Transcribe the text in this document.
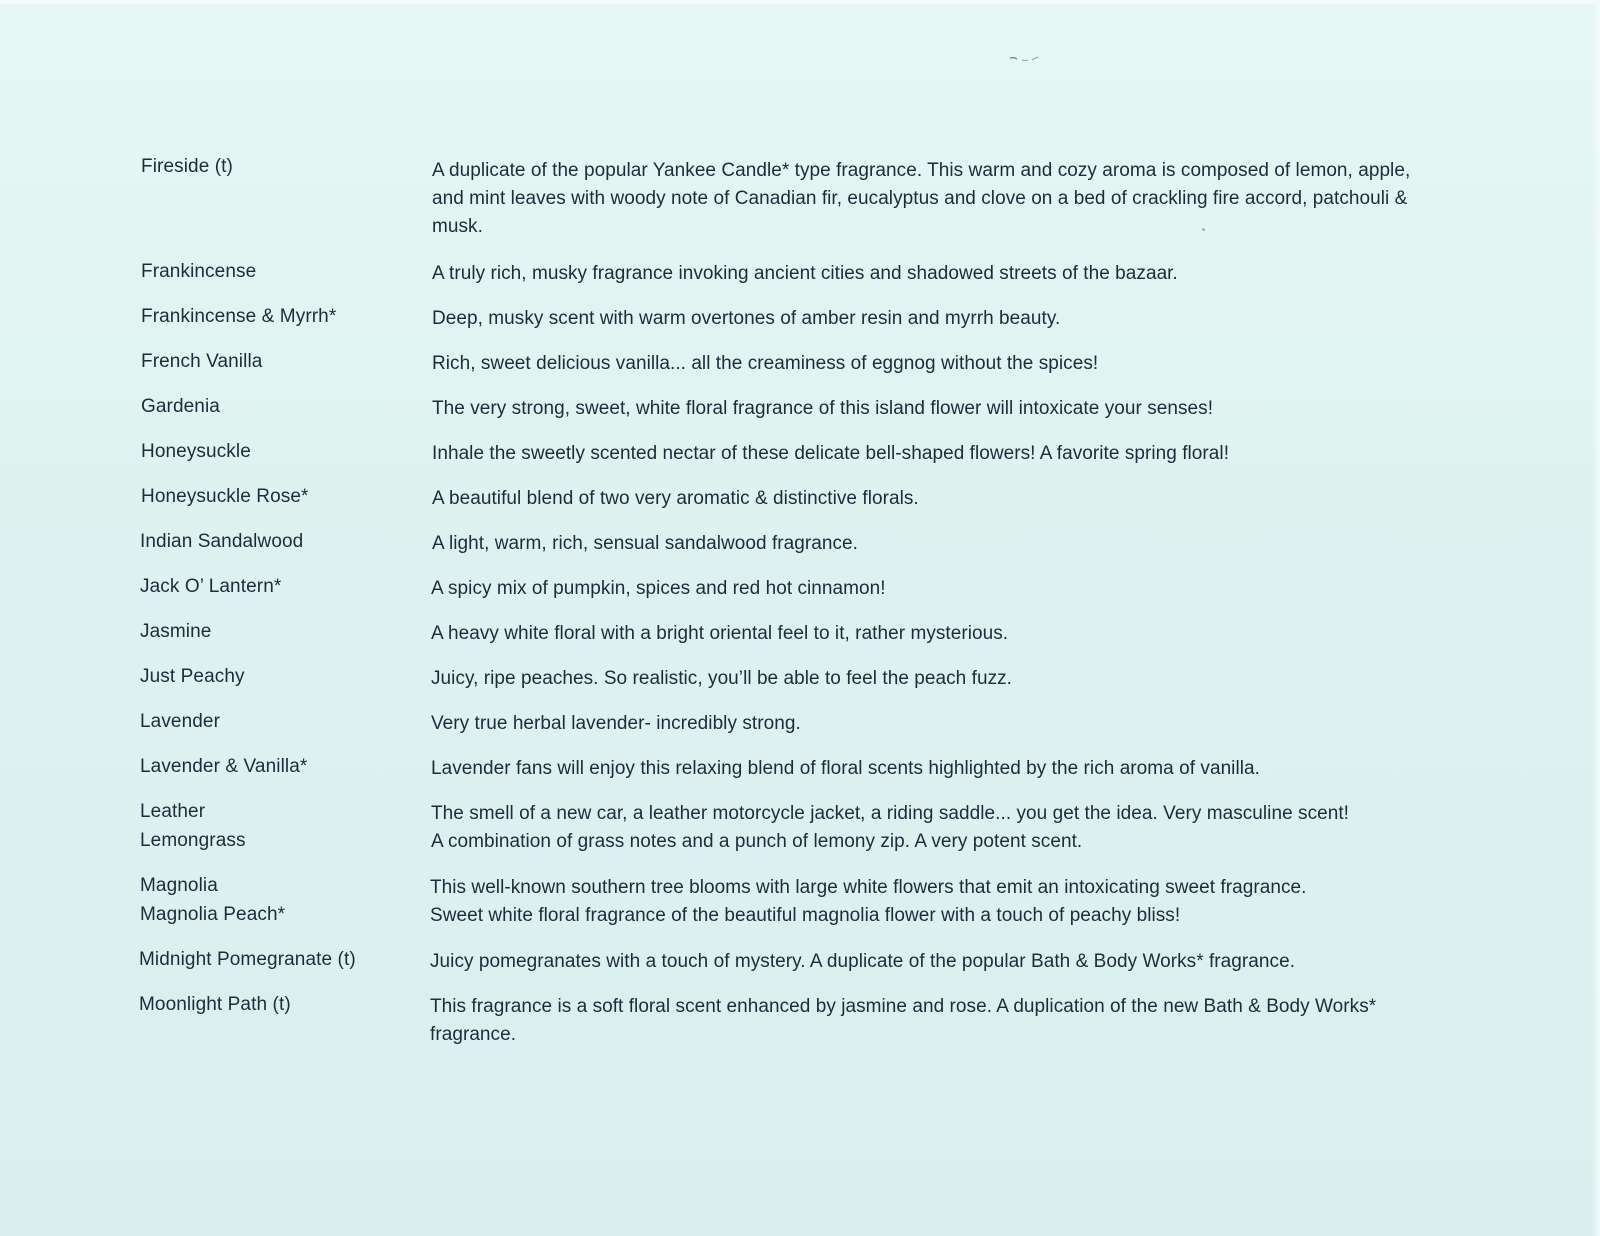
Fireside (t)	A duplicate of the popular Yankee Candle* type fragrance. This warm and cozy aroma is composed of lemon, apple, and mint leaves with woody note of Canadian fir, eucalyptus and clove on a bed of crackling fire accord, patchouli & musk.
Frankincense	A truly rich, musky fragrance invoking ancient cities and shadowed streets of the bazaar.
Frankincense & Myrrh*	Deep, musky scent with warm overtones of amber resin and myrrh beauty.
French Vanilla	Rich, sweet delicious vanilla... all the creaminess of eggnog without the spices!
Gardenia	The very strong, sweet, white floral fragrance of this island flower will intoxicate your senses!
Honeysuckle	Inhale the sweetly scented nectar of these delicate bell-shaped flowers! A favorite spring floral!
Honeysuckle Rose*	A beautiful blend of two very aromatic & distinctive florals.
Indian Sandalwood	A light, warm, rich, sensual sandalwood fragrance.
Jack O’ Lantern*	A spicy mix of pumpkin, spices and red hot cinnamon!
Jasmine	A heavy white floral with a bright oriental feel to it, rather mysterious.
Just Peachy	Juicy, ripe peaches. So realistic, you’ll be able to feel the peach fuzz.
Lavender	Very true herbal lavender- incredibly strong.
Lavender & Vanilla*	Lavender fans will enjoy this relaxing blend of floral scents highlighted by the rich aroma of vanilla.
Leather	The smell of a new car, a leather motorcycle jacket, a riding saddle... you get the idea. Very masculine scent!
Lemongrass	A combination of grass notes and a punch of lemony zip. A very potent scent.
Magnolia	This well-known southern tree blooms with large white flowers that emit an intoxicating sweet fragrance.
Magnolia Peach*	Sweet white floral fragrance of the beautiful magnolia flower with a touch of peachy bliss!
Midnight Pomegranate (t)	Juicy pomegranates with a touch of mystery. A duplicate of the popular Bath & Body Works* fragrance.
Moonlight Path (t)	This fragrance is a soft floral scent enhanced by jasmine and rose. A duplication of the new Bath & Body Works* fragrance.
